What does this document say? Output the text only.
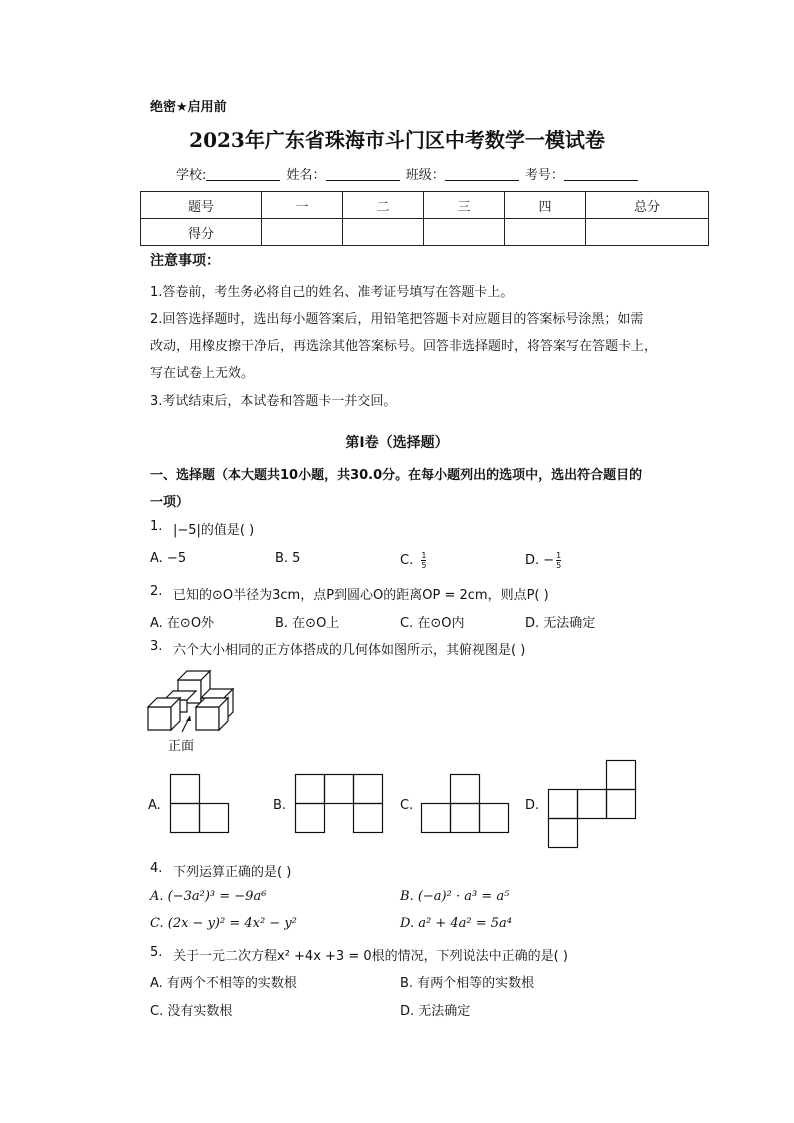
绝密★启用前
2023年广东省珠海市斗门区中考数学一模试卷
学校:	姓名：	班级：	考号：
题号	一	二	三	四	总分
得分					
注意事项：
1.答卷前，考生务必将自己的姓名、准考证号填写在答题卡上。
2.回答选择题时，选出每小题答案后，用铅笔把答题卡对应题目的答案标号涂黑；如需
改动，用橡皮擦干净后，再选涂其他答案标号。回答非选择题时，将答案写在答题卡上，
写在试卷上无效。
3.考试结束后，本试卷和答题卡一并交回。
第Ⅰ卷（选择题）
一、选择题（本大题共10小题，共30.0分。在每小题列出的选项中，选出符合题目的
一项）
1. |−5|的值是( )
A. −5	B. 5	C. $\frac{1}{5}$	D. − $\frac{1}{5}$
2. 已知的⊙O半径为3cm，点P到圆心O的距离OP = 2cm，则点P( )
A. 在⊙O外	B. 在⊙O上	C. 在⊙O内	D. 无法确定
3. 六个大小相同的正方体搭成的几何体如图所示，其俯视图是( )
正面
A.	B.	C.	D.
4. 下列运算正确的是( )
A. (−3a²)³ = −9a⁶	B. (−a)² · a³ = a⁵
C. (2x − y)² = 4x² − y²	D. a² + 4a² = 5a⁴
5. 关于一元二次方程x² +4x +3 = 0根的情况，下列说法中正确的是( )
A. 有两个不相等的实数根	B. 有两个相等的实数根
C. 没有实数根	D. 无法确定
